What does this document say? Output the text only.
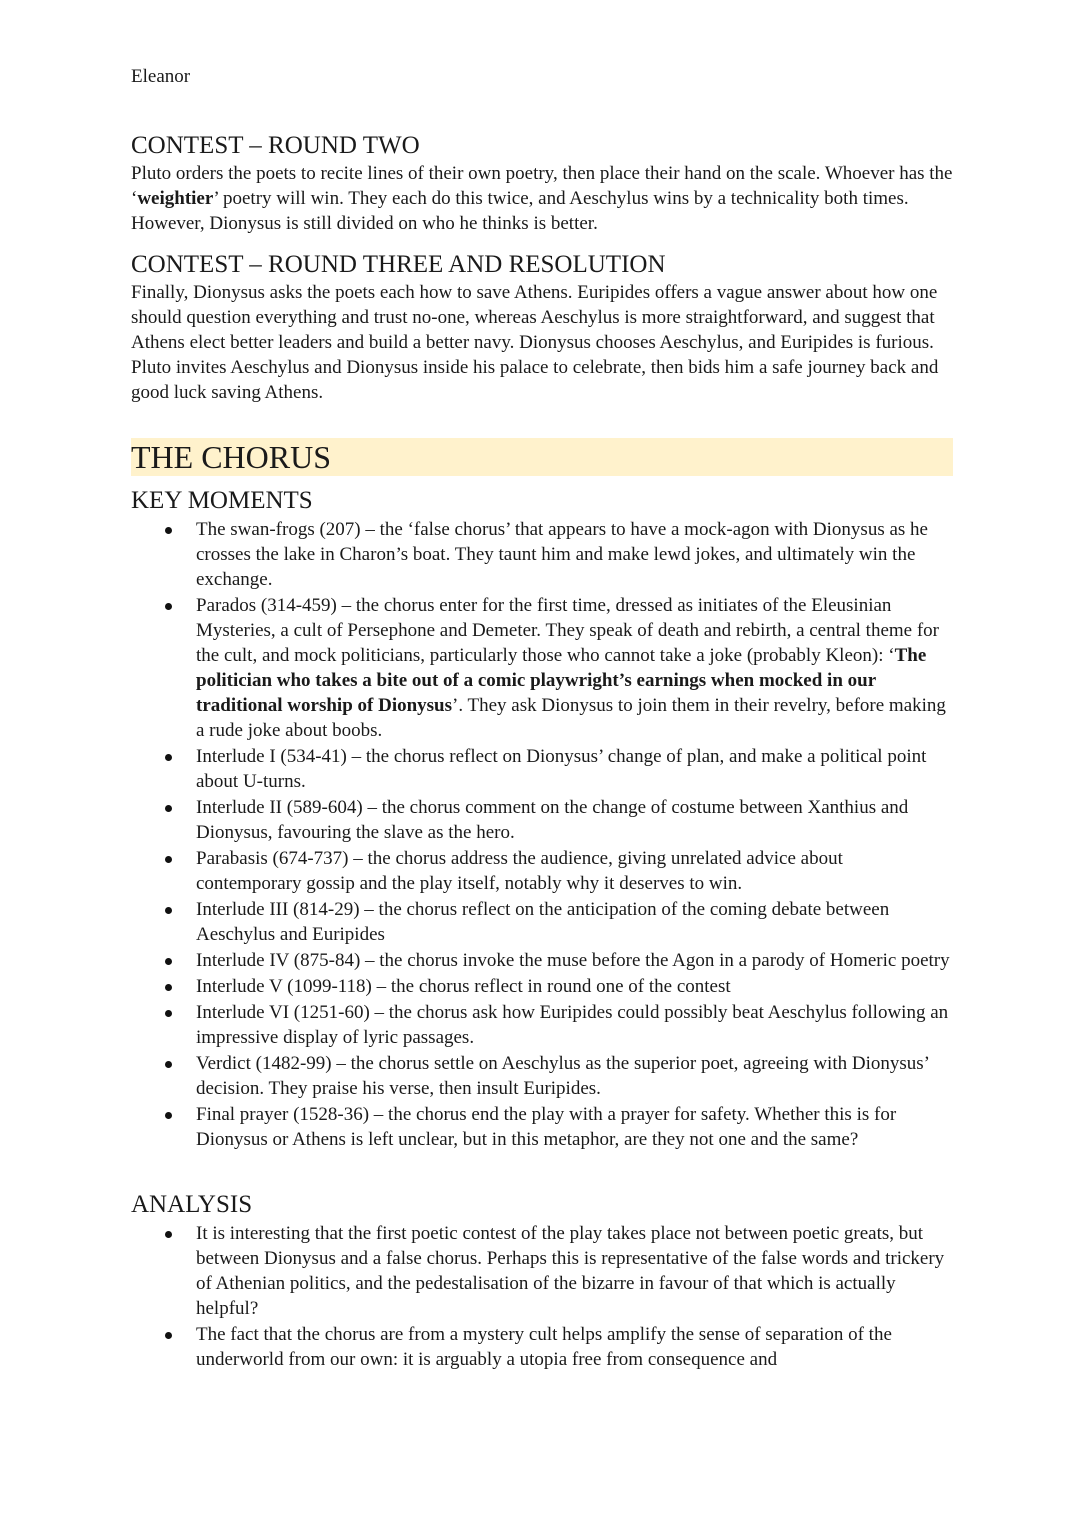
Eleanor
CONTEST – ROUND TWO

Pluto orders the poets to recite lines of their own poetry, then place their hand on the scale. Whoever has the ‘weightier’ poetry will win. They each do this twice, and Aeschylus wins by a technicality both times. However, Dionysus is still divided on who he thinks is better.

CONTEST – ROUND THREE AND RESOLUTION

Finally, Dionysus asks the poets each how to save Athens. Euripides offers a vague answer about how one should question everything and trust no-one, whereas Aeschylus is more straightforward, and suggest that Athens elect better leaders and build a better navy. Dionysus chooses Aeschylus, and Euripides is furious. Pluto invites Aeschylus and Dionysus inside his palace to celebrate, then bids him a safe journey back and good luck saving Athens.

THE CHORUS
KEY MOMENTS
The swan-frogs (207) – the ‘false chorus’ that appears to have a mock-agon with Dionysus as he crosses the lake in Charon’s boat. They taunt him and make lewd jokes, and ultimately win the exchange.
Parados (314-459) – the chorus enter for the first time, dressed as initiates of the Eleusinian Mysteries, a cult of Persephone and Demeter. They speak of death and rebirth, a central theme for the cult, and mock politicians, particularly those who cannot take a joke (probably Kleon): ‘The politician who takes a bite out of a comic playwright’s earnings when mocked in our traditional worship of Dionysus’. They ask Dionysus to join them in their revelry, before making a rude joke about boobs.
Interlude I (534-41) – the chorus reflect on Dionysus’ change of plan, and make a political point about U-turns.
Interlude II (589-604) – the chorus comment on the change of costume between Xanthius and Dionysus, favouring the slave as the hero.
Parabasis (674-737) – the chorus address the audience, giving unrelated advice about contemporary gossip and the play itself, notably why it deserves to win.
Interlude III (814-29) – the chorus reflect on the anticipation of the coming debate between Aeschylus and Euripides
Interlude IV (875-84) – the chorus invoke the muse before the Agon in a parody of Homeric poetry
Interlude V (1099-118) – the chorus reflect in round one of the contest
Interlude VI (1251-60) – the chorus ask how Euripides could possibly beat Aeschylus following an impressive display of lyric passages.
Verdict (1482-99) – the chorus settle on Aeschylus as the superior poet, agreeing with Dionysus’ decision. They praise his verse, then insult Euripides.
Final prayer (1528-36) – the chorus end the play with a prayer for safety. Whether this is for Dionysus or Athens is left unclear, but in this metaphor, are they not one and the same?
ANALYSIS
It is interesting that the first poetic contest of the play takes place not between poetic greats, but between Dionysus and a false chorus. Perhaps this is representative of the false words and trickery of Athenian politics, and the pedestalisation of the bizarre in favour of that which is actually helpful?
The fact that the chorus are from a mystery cult helps amplify the sense of separation of the underworld from our own: it is arguably a utopia free from consequence and
